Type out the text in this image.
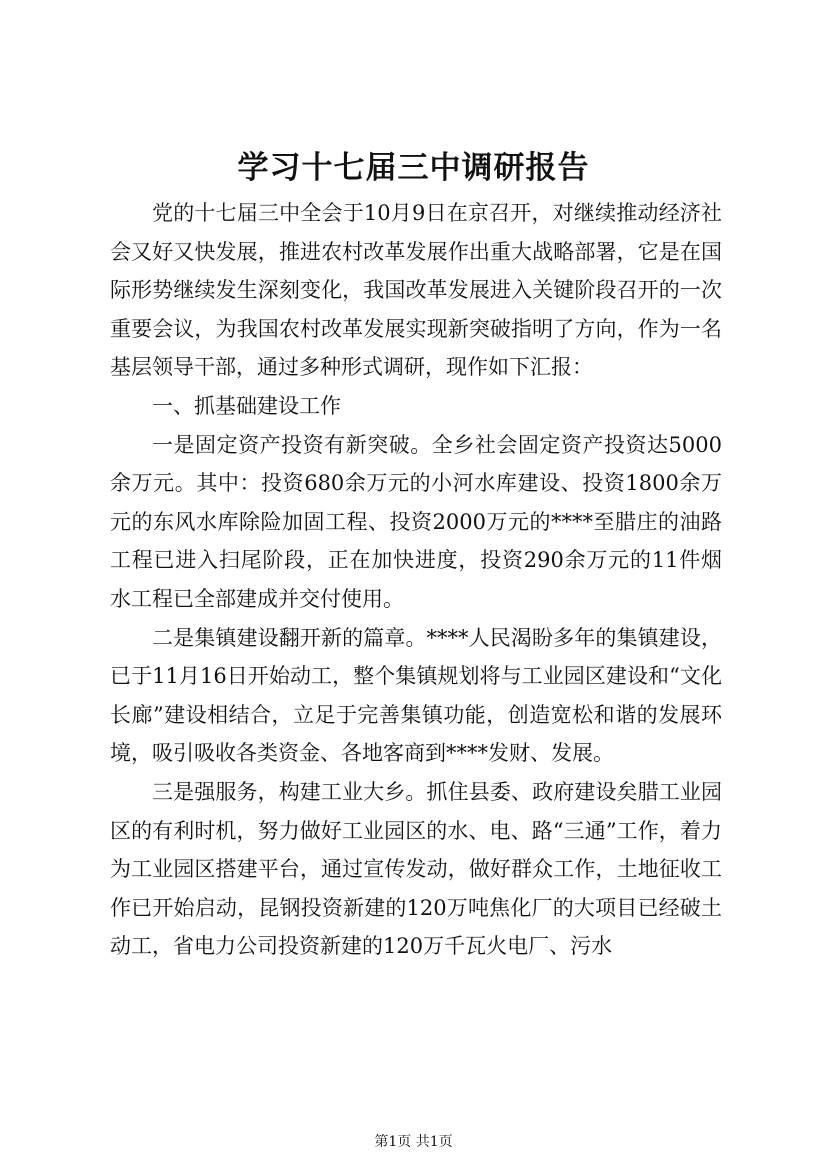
学习十七届三中调研报告

党的十七届三中全会于10月9日在京召开，对继续推动经济社会又好又快发展，推进农村改革发展作出重大战略部署，它是在国际形势继续发生深刻变化，我国改革发展进入关键阶段召开的一次重要会议，为我国农村改革发展实现新突破指明了方向，作为一名基层领导干部，通过多种形式调研，现作如下汇报：

一、抓基础建设工作

一是固定资产投资有新突破。全乡社会固定资产投资达5000余万元。其中：投资680余万元的小河水库建设、投资1800余万元的东风水库除险加固工程、投资2000万元的****至腊庄的油路工程已进入扫尾阶段，正在加快进度，投资290余万元的11件烟水工程已全部建成并交付使用。

二是集镇建设翻开新的篇章。****人民渴盼多年的集镇建设，已于11月16日开始动工，整个集镇规划将与工业园区建设和“文化长廊”建设相结合，立足于完善集镇功能，创造宽松和谐的发展环境，吸引吸收各类资金、各地客商到****发财、发展。

三是强服务，构建工业大乡。抓住县委、政府建设矣腊工业园区的有利时机，努力做好工业园区的水、电、路“三通”工作，着力为工业园区搭建平台，通过宣传发动，做好群众工作，土地征收工作已开始启动，昆钢投资新建的120万吨焦化厂的大项目已经破土动工，省电力公司投资新建的120万千瓦火电厂、污水

第1页 共1页
